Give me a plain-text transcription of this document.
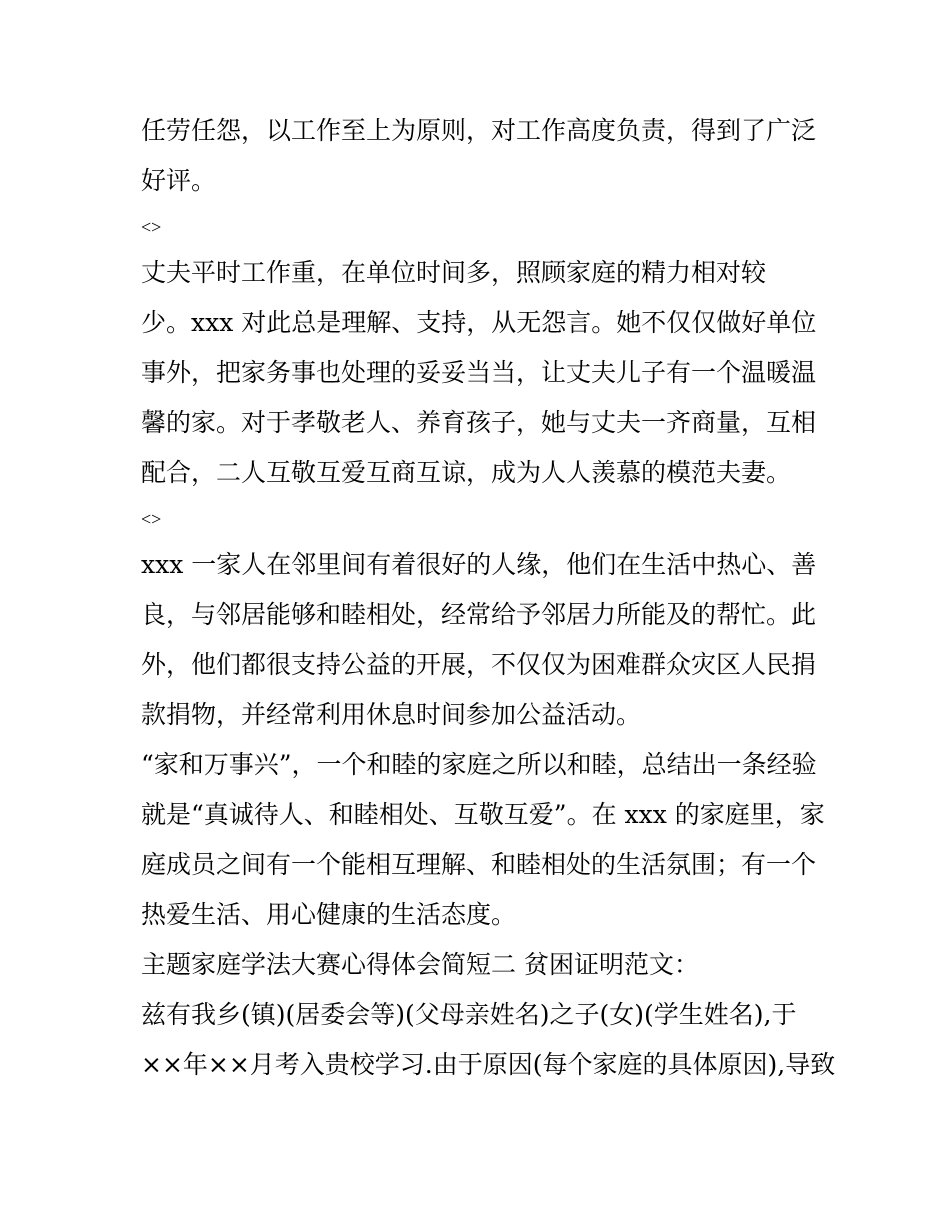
任劳任怨，以工作至上为原则，对工作高度负责，得到了广泛
好评。
<>
丈夫平时工作重，在单位时间多，照顾家庭的精力相对较
少。xxx 对此总是理解、支持，从无怨言。她不仅仅做好单位
事外，把家务事也处理的妥妥当当，让丈夫儿子有一个温暖温
馨的家。对于孝敬老人、养育孩子，她与丈夫一齐商量，互相
配合，二人互敬互爱互商互谅，成为人人羡慕的模范夫妻。
<>
xxx 一家人在邻里间有着很好的人缘，他们在生活中热心、善
良，与邻居能够和睦相处，经常给予邻居力所能及的帮忙。此
外，他们都很支持公益的开展，不仅仅为困难群众灾区人民捐
款捐物，并经常利用休息时间参加公益活动。
“家和万事兴”，一个和睦的家庭之所以和睦，总结出一条经验
就是“真诚待人、和睦相处、互敬互爱”。在 xxx 的家庭里，家
庭成员之间有一个能相互理解、和睦相处的生活氛围；有一个
热爱生活、用心健康的生活态度。
主题家庭学法大赛心得体会简短二 贫困证明范文：
兹有我乡(镇)(居委会等)(父母亲姓名)之子(女)(学生姓名),于
××年××月考入贵校学习.由于原因(每个家庭的具体原因),导致
